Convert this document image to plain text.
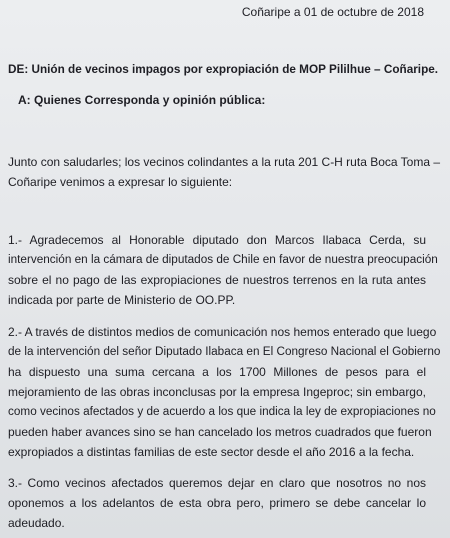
Coñaripe a 01 de octubre de 2018
DE: Unión de vecinos impagos por expropiación de MOP Pililhue – Coñaripe.
A: Quienes Corresponda y opinión pública:
Junto con saludarles; los vecinos colindantes a la ruta 201 C-H ruta Boca Toma –
Coñaripe venimos a expresar lo siguiente:
1.- Agradecemos al Honorable diputado don Marcos Ilabaca Cerda, su
intervención en la cámara de diputados de Chile en favor de nuestra preocupación
sobre el no pago de las expropiaciones de nuestros terrenos en la ruta antes
indicada por parte de Ministerio de OO.PP.
2.- A través de distintos medios de comunicación nos hemos enterado que luego
de la intervención del señor Diputado Ilabaca en El Congreso Nacional el Gobierno
ha dispuesto una suma cercana a los 1700 Millones de pesos para el
mejoramiento de las obras inconclusas por la empresa Ingeproc; sin embargo,
como vecinos afectados y de acuerdo a los que indica la ley de expropiaciones no
pueden haber avances sino se han cancelado los metros cuadrados que fueron
expropiados a distintas familias de este sector desde el año 2016 a la fecha.
3.- Como vecinos afectados queremos dejar en claro que nosotros no nos
oponemos a los adelantos de esta obra pero, primero se debe cancelar lo
adeudado.
